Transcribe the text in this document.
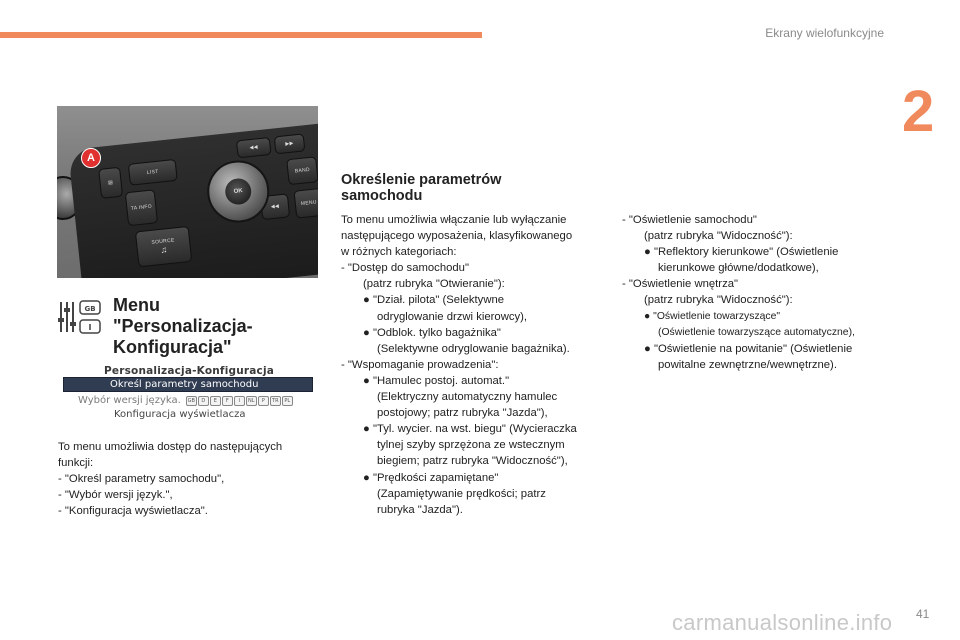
Ekrany wielofunkcyjne
2
▤
LIST
TA INFO
SOURCE
♫
◀◀
▶▶
BAND
MENU
◀◀
OK
A
GB
I
Menu
"Personalizacja-
Konfiguracja"
Personalizacja-Konfiguracja
Określ parametry samochodu
Wybór wersji języka.	GB	D	E	F	I	NL	P	TR	PL
Konfiguracja wyświetlacza

To menu umożliwia dostęp do następujących

funkcji:

- "Określ parametry samochodu",

- "Wybór wersji język.",

- "Konfiguracja wyświetlacza".

Określenie parametrów
samochodu

To menu umożliwia włączanie lub wyłączanie

następującego wyposażenia, klasyfikowanego

w różnych kategoriach:

- "Dostęp do samochodu"

(patrz rubryka "Otwieranie"):

● "Dział. pilota" (Selektywne

odryglowanie drzwi kierowcy),

● "Odblok. tylko bagażnika"

(Selektywne odryglowanie bagażnika).

- "Wspomaganie prowadzenia":

● "Hamulec postoj. automat."

(Elektryczny automatyczny hamulec

postojowy; patrz rubryka "Jazda"),

● "Tyl. wycier. na wst. biegu" (Wycieraczka

tylnej szyby sprzężona ze wstecznym

biegiem; patrz rubryka "Widoczność"),

● "Prędkości zapamiętane"

(Zapamiętywanie prędkości; patrz

rubryka "Jazda").

- "Oświetlenie samochodu"

(patrz rubryka "Widoczność"):

● "Reflektory kierunkowe" (Oświetlenie

kierunkowe główne/dodatkowe),

- "Oświetlenie wnętrza"

(patrz rubryka "Widoczność"):

● "Oświetlenie towarzyszące"

(Oświetlenie towarzyszące automatyczne),

● "Oświetlenie na powitanie" (Oświetlenie

powitalne zewnętrzne/wewnętrzne).

carmanualsonline.info 41
